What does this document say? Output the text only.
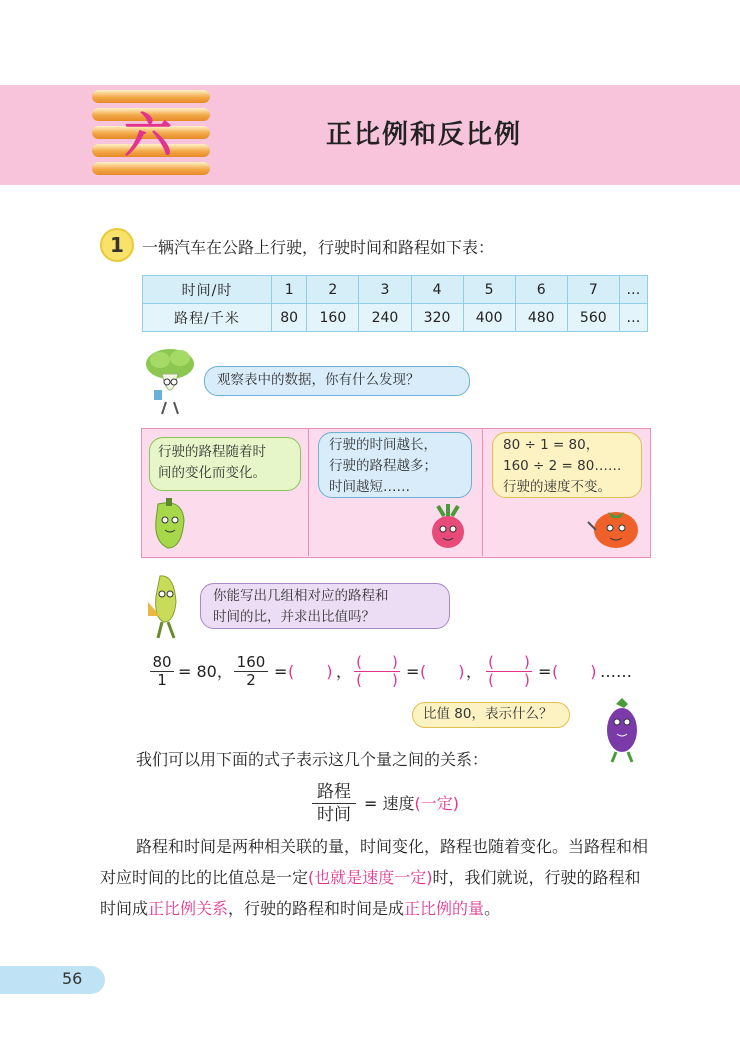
六	正比例和反比例
1	一辆汽车在公路上行驶，行驶时间和路程如下表：
时间/时	1	2	3	4	5	6	7	…
路程/千米	80	160	240	320	400	480	560	…
观察表中的数据，你有什么发现？
行驶的路程随着时
间的变化而变化。
行驶的时间越长，
行驶的路程越多；
时间越短……
80 ÷ 1 = 80，
160 ÷ 2 = 80……
行驶的速度不变。
你能写出几组相对应的路程和
时间的比，并求出比值吗？
$\frac{80}{1} = 80$， $\frac{160}{2}$ = (　　) ， (　　)
(　　) = (　　) ， (　　)
(　　) = (　　) ……
比值 80，表示什么？
我们可以用下面的式子表示这几个量之间的关系：
路程
时间
= 速度(一定)
路程和时间是两种相关联的量，时间变化，路程也随着变化。当路程和相对应时间的比的比值总是一定(也就是速度一定)时，我们就说，行驶的路程和时间成正比例关系，行驶的路程和时间是成正比例的量。
56
